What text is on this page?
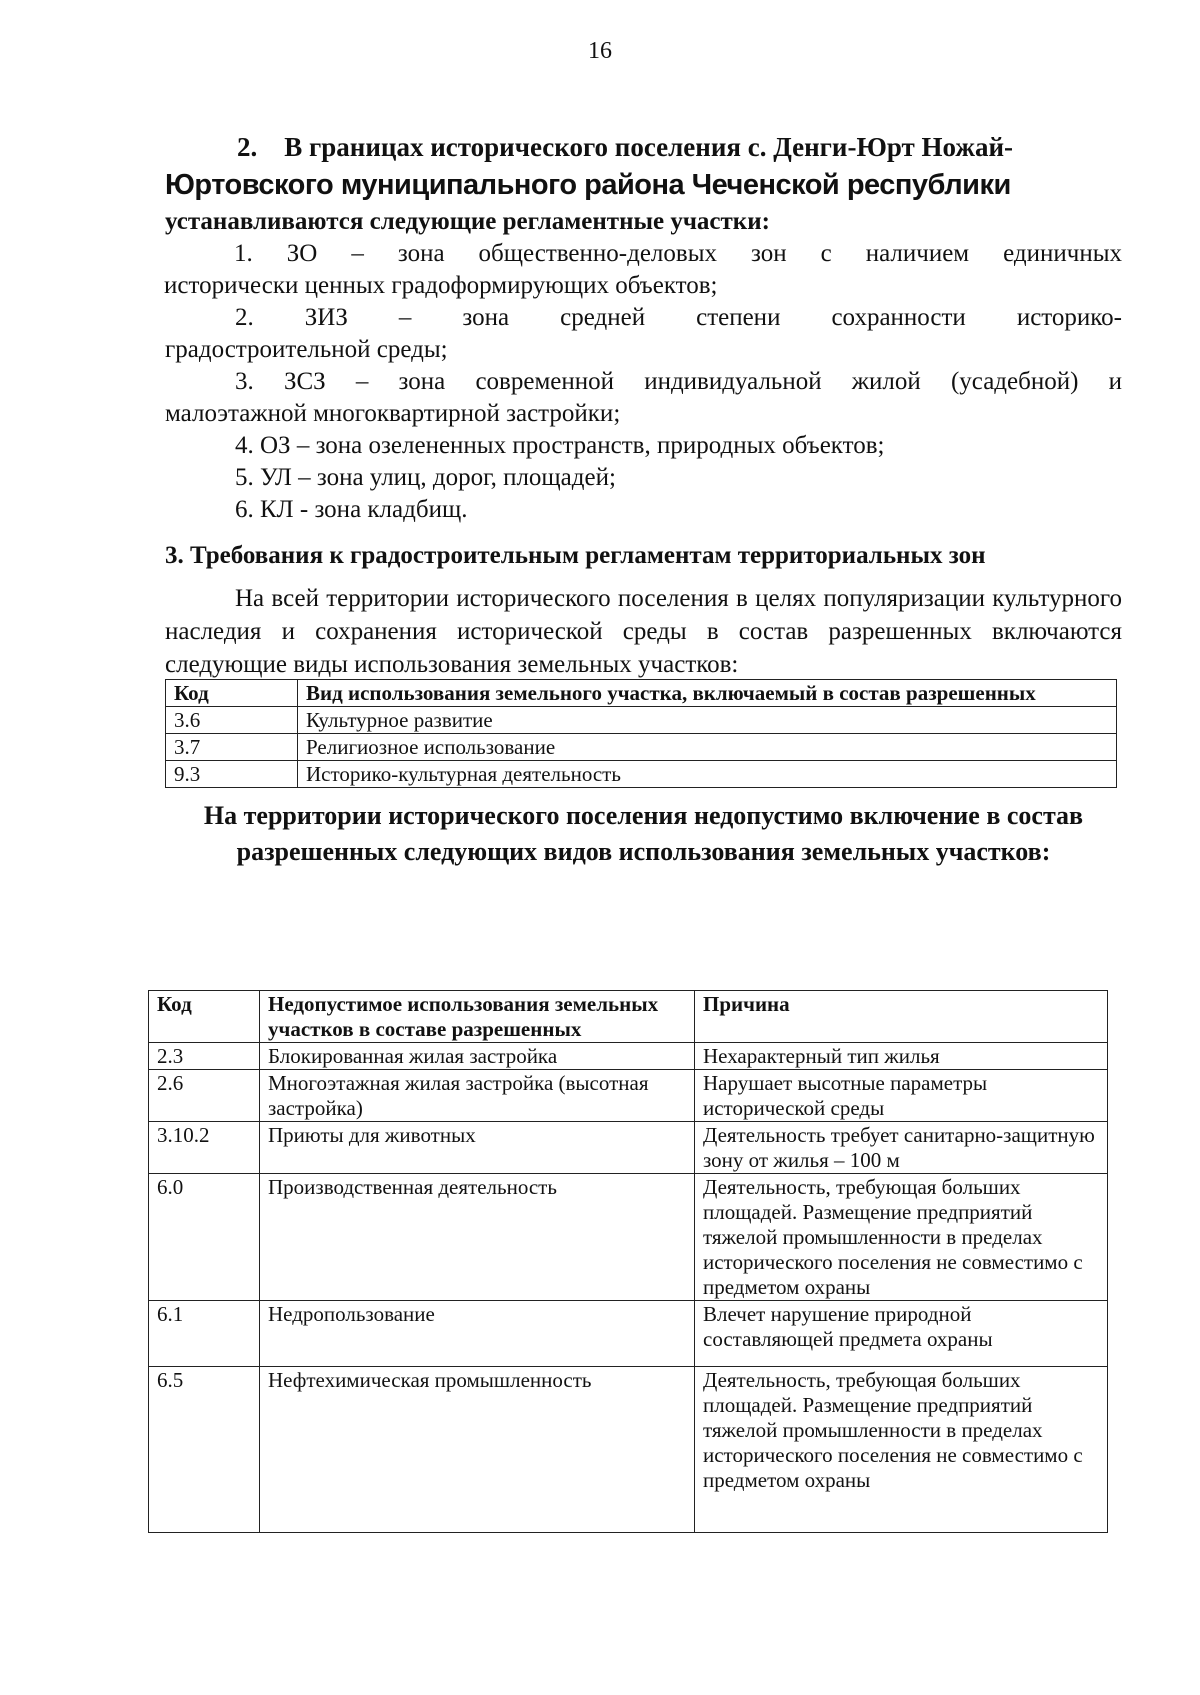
16
2. В границах исторического поселения с. Денги-Юрт Ножай-
Юртовского муниципального района Чеченской республики
устанавливаются следующие регламентные участки:
1. ЗО – зона общественно-деловых зон с наличием единичных
исторически ценных градоформирующих объектов;
2. ЗИЗ – зона средней степени сохранности историко-
градостроительной среды;
3. ЗСЗ – зона современной индивидуальной жилой (усадебной) и
малоэтажной многоквартирной застройки;
4. ОЗ – зона озелененных пространств, природных объектов;
5. УЛ – зона улиц, дорог, площадей;
6. КЛ - зона кладбищ.
3. Требования к градостроительным регламентам территориальных зон

На всей территории исторического поселения в целях популяризации культурного наследия и сохранения исторической среды в состав разрешенных включаются следующие виды использования земельных участков:

Код	Вид использования земельного участка, включаемый в состав разрешенных
3.6	Культурное развитие
3.7	Религиозное использование
9.3	Историко-культурная деятельность
На территории исторического поселения недопустимо включение в состав разрешенных следующих видов использования земельных участков:
Код	Недопустимое использования земельных участков в составе разрешенных	Причина
2.3	Блокированная жилая застройка	Нехарактерный тип жилья
2.6	Многоэтажная жилая застройка (высотная застройка)	Нарушает высотные параметры исторической среды
3.10.2	Приюты для животных	Деятельность требует санитарно-защитную зону от жилья – 100 м
6.0	Производственная деятельность	Деятельность, требующая больших площадей. Размещение предприятий тяжелой промышленности в пределах исторического поселения не совместимо с предметом охраны
6.1	Недропользование	Влечет нарушение природной составляющей предмета охраны
6.5	Нефтехимическая промышленность	Деятельность, требующая больших площадей. Размещение предприятий тяжелой промышленности в пределах исторического поселения не совместимо с предметом охраны
